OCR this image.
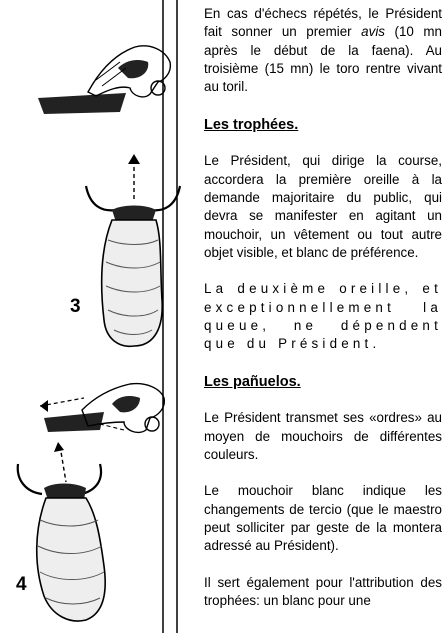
3
4

En cas d'échecs répétés, le Président fait sonner un premier avis (10 mn après le début de la faena). Au troisième (15 mn) le toro rentre vivant au toril.

Les trophées.

Le Président, qui dirige la course, accordera la première oreille à la demande majoritaire du public, qui devra se manifester en agitant un mouchoir, un vêtement ou tout autre objet visible, et blanc de préférence.

La deuxième oreille, et exceptionnellement la queue, ne dépendent que du Président.

Les pañuelos.

Le Président transmet ses «ordres» au moyen de mouchoirs de différentes couleurs.

Le mouchoir blanc indique les changements de tercio (que le maestro peut solliciter par geste de la montera adressé au Président).

Il sert également pour l'attribution des trophées: un blanc pour une
